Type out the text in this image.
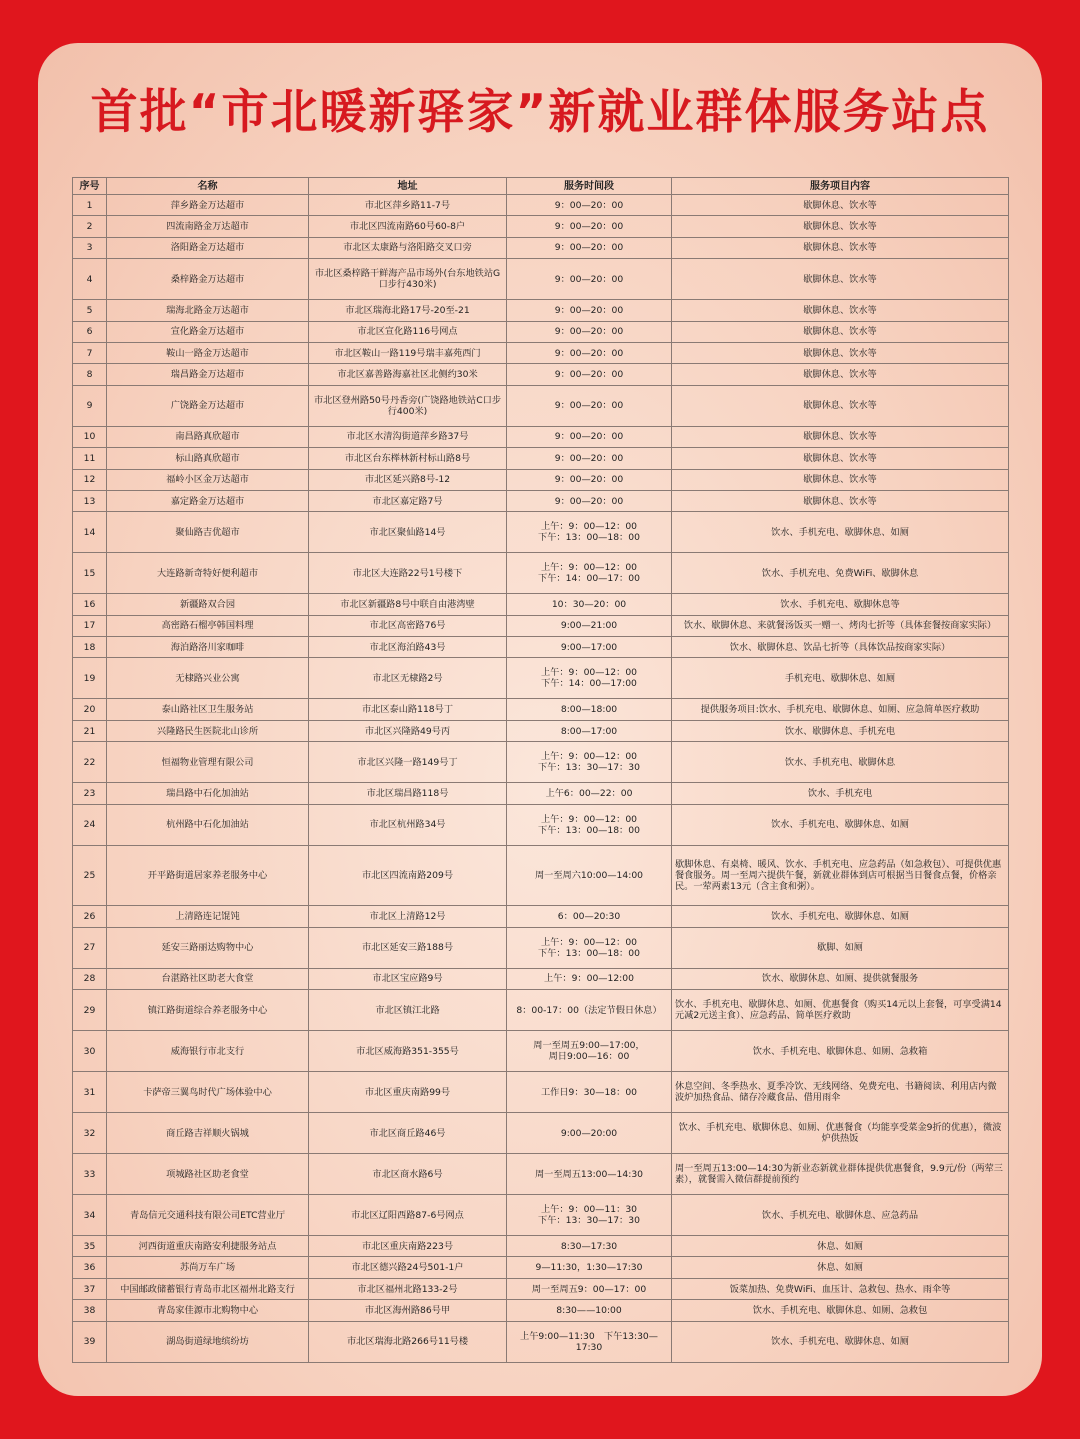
首批“市北暖新驿家”新就业群体服务站点
序号	名称	地址	服务时间段	服务项目内容
1	萍乡路金万达超市	市北区萍乡路11-7号	9：00—20：00	歇脚休息、饮水等
2	四流南路金万达超市	市北区四流南路60号60-8户	9：00—20：00	歇脚休息、饮水等
3	洛阳路金万达超市	市北区太康路与洛阳路交叉口旁	9：00—20：00	歇脚休息、饮水等
4	桑梓路金万达超市	市北区桑梓路干鲜海产品市场外(台东地铁站G口步行430米)	9：00—20：00	歇脚休息、饮水等
5	瑞海北路金万达超市	市北区瑞海北路17号-20至-21	9：00—20：00	歇脚休息、饮水等
6	宣化路金万达超市	市北区宣化路116号网点	9：00—20：00	歇脚休息、饮水等
7	鞍山一路金万达超市	市北区鞍山一路119号瑞丰嘉苑西门	9：00—20：00	歇脚休息、饮水等
8	瑞昌路金万达超市	市北区嘉善路海嘉社区北侧约30米	9：00—20：00	歇脚休息、饮水等
9	广饶路金万达超市	市北区登州路50号丹香旁(广饶路地铁站C口步行400米)	9：00—20：00	歇脚休息、饮水等
10	南昌路真欣超市	市北区水清沟街道萍乡路37号	9：00—20：00	歇脚休息、饮水等
11	标山路真欣超市	市北区台东榉林新村标山路8号	9：00—20：00	歇脚休息、饮水等
12	福岭小区金万达超市	市北区延兴路8号-12	9：00—20：00	歇脚休息、饮水等
13	嘉定路金万达超市	市北区嘉定路7号	9：00—20：00	歇脚休息、饮水等
14	聚仙路吉优超市	市北区聚仙路14号	上午：9：00—12：00
下午：13：00—18：00	饮水、手机充电、歇脚休息、如厕
15	大连路新奇特好便利超市	市北区大连路22号1号楼下	上午：9：00—12：00
下午：14：00—17：00	饮水、手机充电、免费WiFi、歇脚休息
16	新疆路双合园	市北区新疆路8号中联自由港湾壁	10：30—20：00	饮水、手机充电、歇脚休息等
17	高密路石榴亭韩国料理	市北区高密路76号	9:00—21:00	饮水、歇脚休息、来就餐汤饭买一赠一、烤肉七折等（具体套餐按商家实际）
18	海泊路洛川家咖啡	市北区海泊路43号	9:00—17:00	饮水、歇脚休息、饮品七折等（具体饮品按商家实际）
19	无棣路兴业公寓	市北区无棣路2号	上午：9：00—12：00
下午：14：00—17:00	手机充电、歇脚休息、如厕
20	泰山路社区卫生服务站	市北区泰山路118号丁	8:00—18:00	提供服务项目:饮水、手机充电、歇脚休息、如厕、应急简单医疗救助
21	兴隆路民生医院北山诊所	市北区兴隆路49号丙	8:00—17:00	饮水、歇脚休息、手机充电
22	恒福物业管理有限公司	市北区兴隆一路149号丁	上午：9：00—12：00
下午：13：30—17：30	饮水、手机充电、歇脚休息
23	瑞昌路中石化加油站	市北区瑞昌路118号	上午6：00—22：00	饮水、手机充电
24	杭州路中石化加油站	市北区杭州路34号	上午：9：00—12：00
下午：13：00—18：00	饮水、手机充电、歇脚休息、如厕
25	开平路街道居家养老服务中心	市北区四流南路209号	周一至周六10:00—14:00	歇脚休息、有桌椅、暖风、饮水、手机充电、应急药品（如急救包）、可提供优惠餐食服务。周一至周六提供午餐，新就业群体到店可根据当日餐食点餐，价格亲民。一荤两素13元（含主食和粥）。
26	上清路连记馄饨	市北区上清路12号	6：00—20:30	饮水、手机充电、歇脚休息、如厕
27	延安三路丽达购物中心	市北区延安三路188号	上午：9：00—12：00
下午：13：00—18：00	歇脚、如厕
28	台湛路社区助老大食堂	市北区宝应路9号	上午：9：00—12:00	饮水、歇脚休息、如厕、提供就餐服务
29	镇江路街道综合养老服务中心	市北区镇江北路	8：00-17：00（法定节假日休息）	饮水、手机充电、歇脚休息、如厕、优惠餐食（购买14元以上套餐，可享受满14元减2元送主食）、应急药品、简单医疗救助
30	威海银行市北支行	市北区威海路351-355号	周一至周五9:00—17:00，
周日9:00—16：00	饮水、手机充电、歇脚休息、如厕、急救箱
31	卡萨帝三翼鸟时代广场体验中心	市北区重庆南路99号	工作日9：30—18：00	休息空间、冬季热水、夏季冷饮、无线网络、免费充电、书籍阅读、利用店内微波炉加热食品、储存冷藏食品、借用雨伞
32	商丘路吉祥顺火锅城	市北区商丘路46号	9:00—20:00	饮水、手机充电、歇脚休息、如厕、优惠餐食（均能享受菜金9折的优惠），微波炉供热饭
33	项城路社区助老食堂	市北区商水路6号	周一至周五13:00—14:30	周一至周五13:00—14:30为新业态新就业群体提供优惠餐食，9.9元/份（两荤三素），就餐需入微信群提前预约
34	青岛信元交通科技有限公司ETC营业厅	市北区辽阳西路87-6号网点	上午：9：00—11：30
下午：13：30—17：30	饮水、手机充电、歇脚休息、应急药品
35	河西街道重庆南路安利捷服务站点	市北区重庆南路223号	8:30—17:30	休息、如厕
36	苏尚万车广场	市北区德兴路24号501-1户	9—11:30，1:30—17:30	休息、如厕
37	中国邮政储蓄银行青岛市北区福州北路支行	市北区福州北路133-2号	周一至周五9：00—17：00	饭菜加热、免费WiFi、血压计、急救包、热水、雨伞等
38	青岛家佳源市北购物中心	市北区海州路86号甲	8:30——10:00	饮水、手机充电、歇脚休息、如厕、急救包
39	湖岛街道绿地缤纷坊	市北区瑞海北路266号11号楼	上午9:00—11:30　下午13:30—17:30	饮水、手机充电、歇脚休息、如厕
